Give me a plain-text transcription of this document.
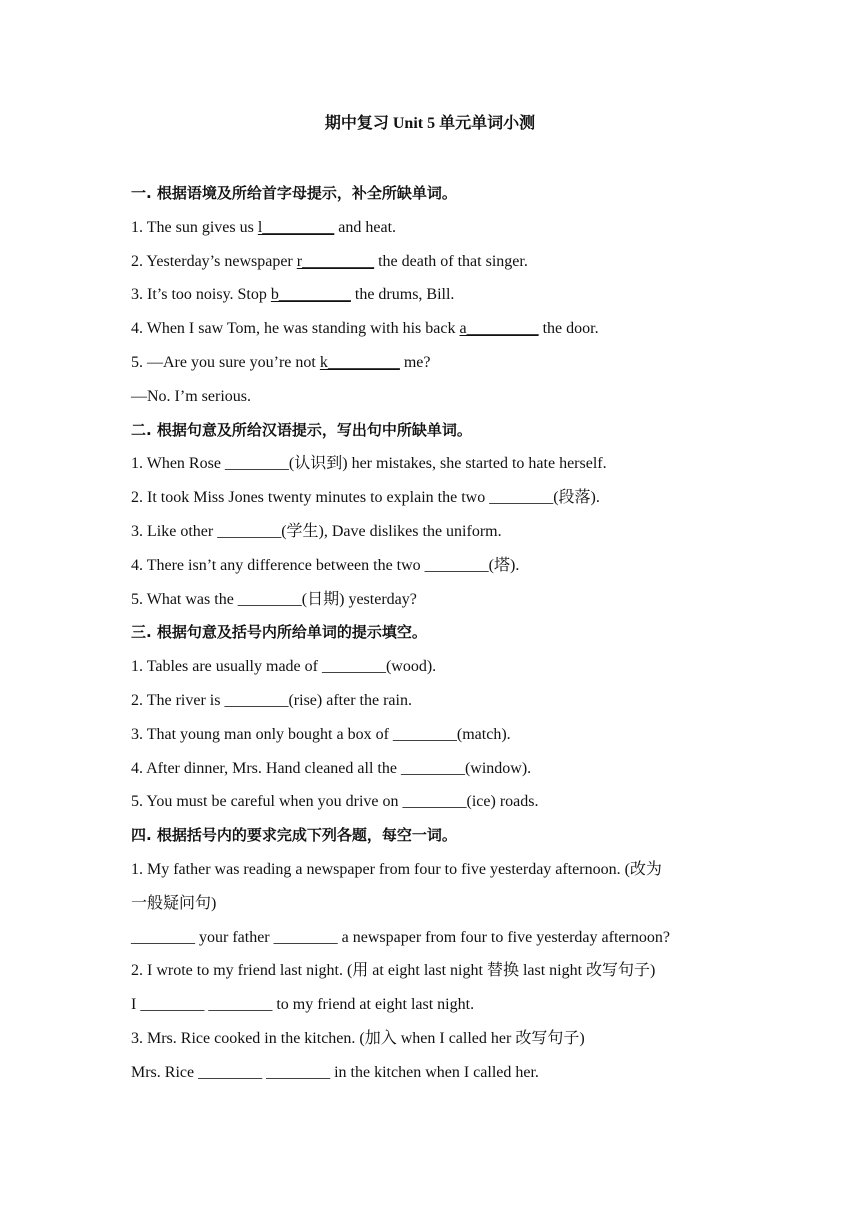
期中复习 Unit 5 单元单词小测
一. 根据语境及所给首字母提示，补全所缺单词。
1. The sun gives us l_________ and heat.
2. Yesterday’s newspaper r_________ the death of that singer.
3. It’s too noisy. Stop b_________ the drums, Bill.
4. When I saw Tom, he was standing with his back a_________ the door.
5. —Are you sure you’re not k_________ me?
—No. I’m serious.
二. 根据句意及所给汉语提示，写出句中所缺单词。
1. When Rose ________(认识到) her mistakes, she started to hate herself.
2. It took Miss Jones twenty minutes to explain the two ________(段落).
3. Like other ________(学生), Dave dislikes the uniform.
4. There isn’t any difference between the two ________(塔).
5. What was the ________(日期) yesterday?
三. 根据句意及括号内所给单词的提示填空。
1. Tables are usually made of ________(wood).
2. The river is ________(rise) after the rain.
3. That young man only bought a box of ________(match).
4. After dinner, Mrs. Hand cleaned all the ________(window).
5. You must be careful when you drive on ________(ice) roads.
四. 根据括号内的要求完成下列各题，每空一词。
1. My father was reading a newspaper from four to five yesterday afternoon. (改为
一般疑问句)
________ your father ________ a newspaper from four to five yesterday afternoon?
2. I wrote to my friend last night. (用 at eight last night 替换 last night 改写句子)
I ________ ________ to my friend at eight last night.
3. Mrs. Rice cooked in the kitchen. (加入 when I called her 改写句子)
Mrs. Rice ________ ________ in the kitchen when I called her.
